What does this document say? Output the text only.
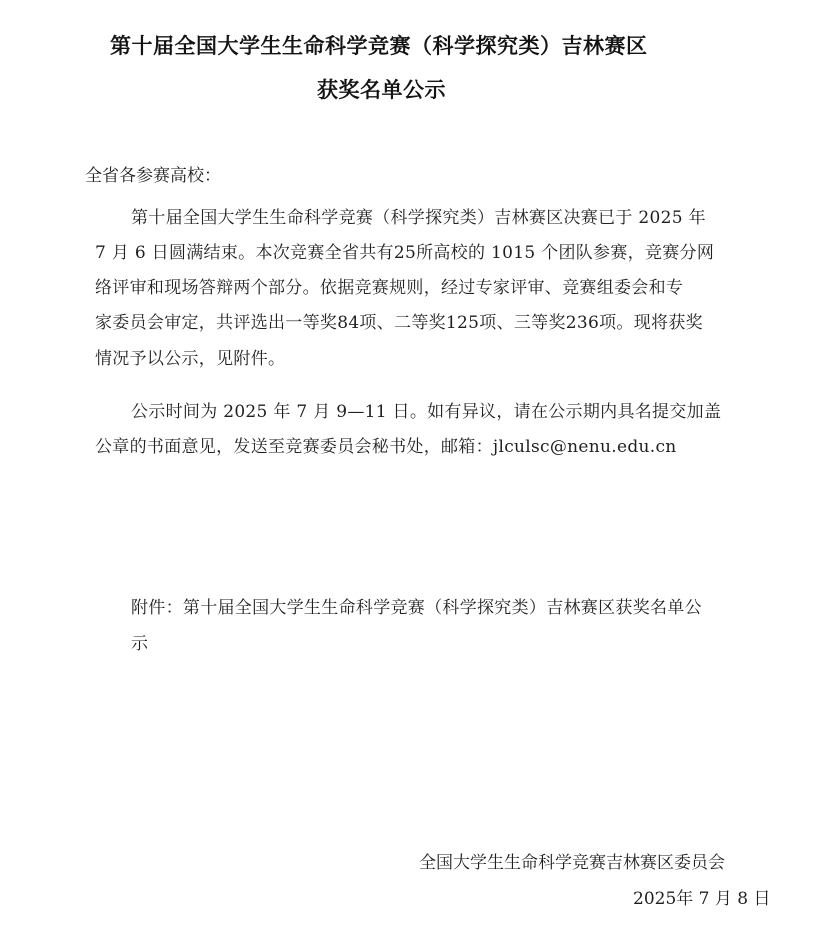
第十届全国大学生生命科学竞赛（科学探究类）吉林赛区
获奖名单公示
全省各参赛高校：

第十届全国大学生生命科学竞赛（科学探究类）吉林赛区决赛已于 2025 年

7 月 6 日圆满结束。本次竞赛全省共有25所高校的 1015 个团队参赛，竞赛分网

络评审和现场答辩两个部分。依据竞赛规则，经过专家评审、竞赛组委会和专

家委员会审定，共评选出一等奖84项、二等奖125项、三等奖236项。现将获奖

情况予以公示，见附件。

公示时间为 2025 年 7 月 9—11 日。如有异议，请在公示期内具名提交加盖

公章的书面意见，发送至竞赛委员会秘书处，邮箱：jlculsc@nenu.edu.cn

附件：第十届全国大学生生命科学竞赛（科学探究类）吉林赛区获奖名单公

示

全国大学生生命科学竞赛吉林赛区委员会
2025年 7 月 8 日
